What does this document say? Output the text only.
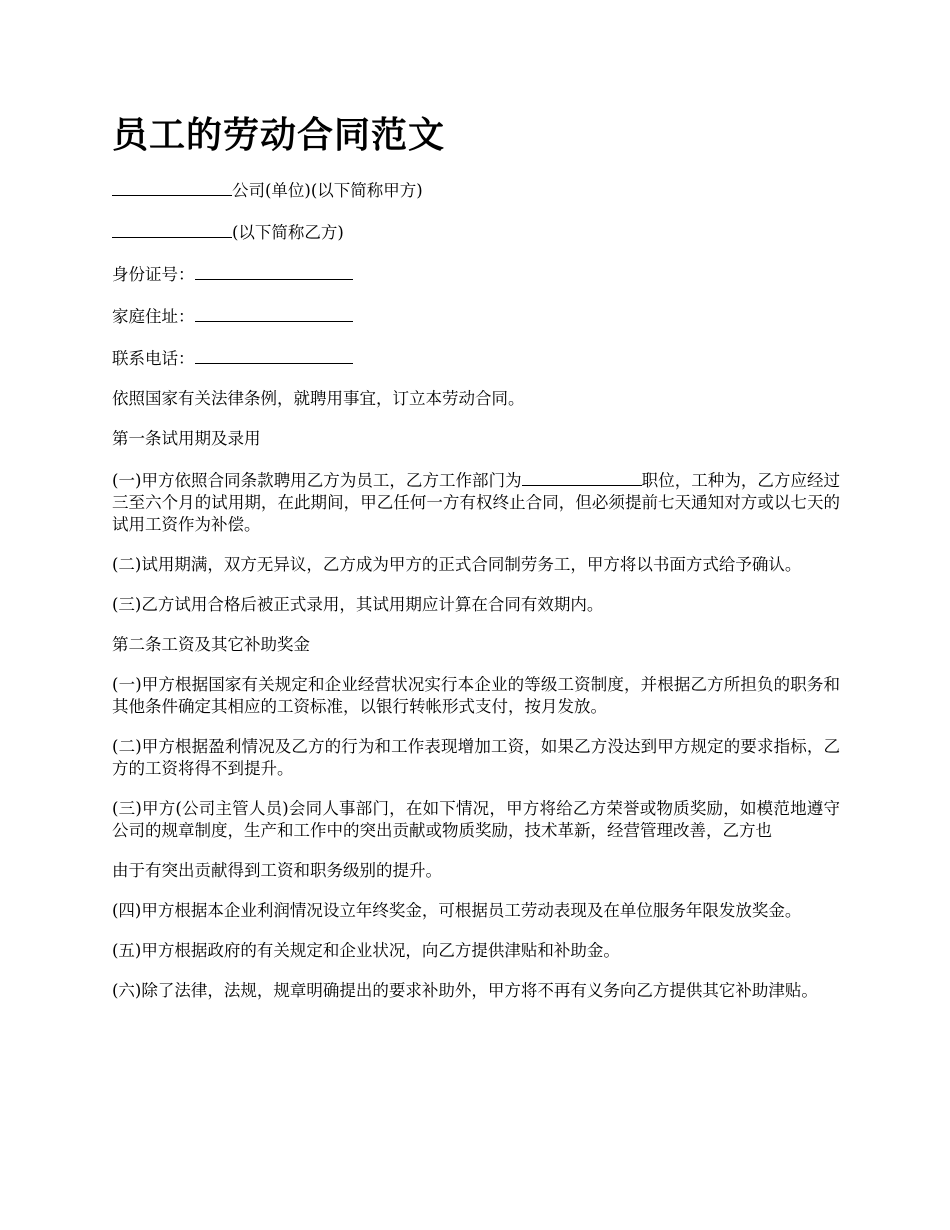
员工的劳动合同范文

公司(单位)(以下简称甲方)

(以下简称乙方)

身份证号：

家庭住址：

联系电话：

依照国家有关法律条例，就聘用事宜，订立本劳动合同。

第一条试用期及录用

(一)甲方依照合同条款聘用乙方为员工，乙方工作部门为	职位，工种为，乙方应经过三至六个月的试用期，在此期间，甲乙任何一方有权终止合同，但必须提前七天通知对方或以七天的试用工资作为补偿。

(二)试用期满，双方无异议，乙方成为甲方的正式合同制劳务工，甲方将以书面方式给予确认。

(三)乙方试用合格后被正式录用，其试用期应计算在合同有效期内。

第二条工资及其它补助奖金

(一)甲方根据国家有关规定和企业经营状况实行本企业的等级工资制度，并根据乙方所担负的职务和其他条件确定其相应的工资标准，以银行转帐形式支付，按月发放。

(二)甲方根据盈利情况及乙方的行为和工作表现增加工资，如果乙方没达到甲方规定的要求指标，乙方的工资将得不到提升。

(三)甲方(公司主管人员)会同人事部门，在如下情况，甲方将给乙方荣誉或物质奖励，如模范地遵守公司的规章制度，生产和工作中的突出贡献或物质奖励，技术革新，经营管理改善，乙方也

由于有突出贡献得到工资和职务级别的提升。

(四)甲方根据本企业利润情况设立年终奖金，可根据员工劳动表现及在单位服务年限发放奖金。

(五)甲方根据政府的有关规定和企业状况，向乙方提供津贴和补助金。

(六)除了法律，法规，规章明确提出的要求补助外，甲方将不再有义务向乙方提供其它补助津贴。
